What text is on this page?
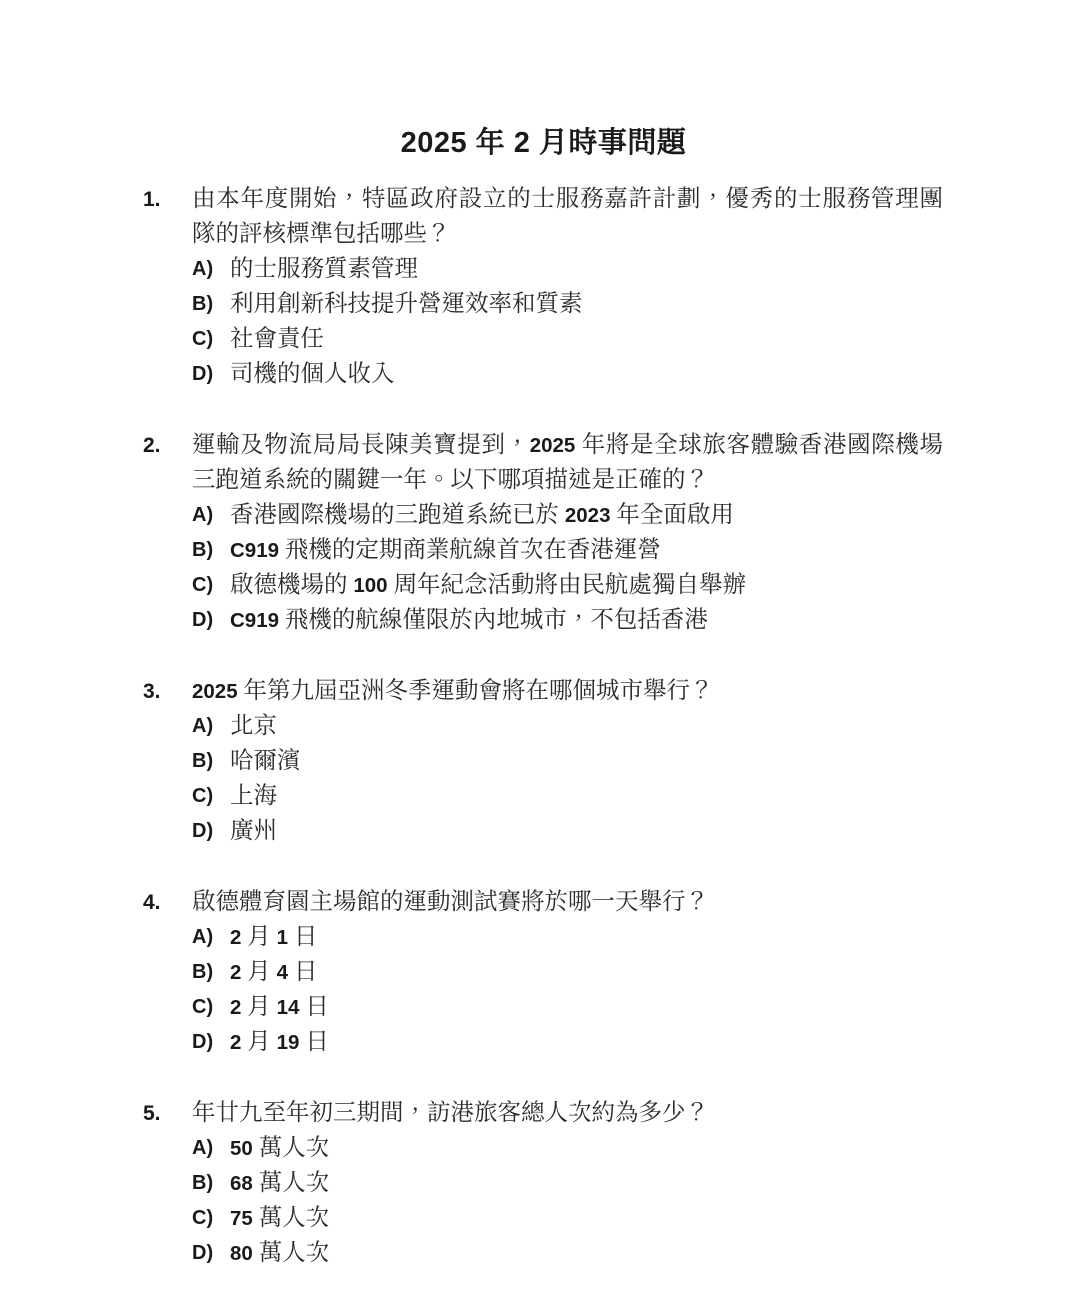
2025 年 2 月時事問題
1.	由本年度開始，特區政府設立的士服務嘉許計劃，優秀的士服務管理團隊的評核標準包括哪些？
A) 的士服務質素管理
B) 利用創新科技提升營運效率和質素
C) 社會責任
D) 司機的個人收入
2.	運輸及物流局局長陳美寶提到，2025 年將是全球旅客體驗香港國際機場三跑道系統的關鍵一年。以下哪項描述是正確的？
A) 香港國際機場的三跑道系統已於 2023 年全面啟用
B) C919 飛機的定期商業航線首次在香港運營
C) 啟德機場的 100 周年紀念活動將由民航處獨自舉辦
D) C919 飛機的航線僅限於內地城市，不包括香港
3.	2025 年第九屆亞洲冬季運動會將在哪個城市舉行？
A) 北京
B) 哈爾濱
C) 上海
D) 廣州
4.	啟德體育園主場館的運動測試賽將於哪一天舉行？
A) 2 月 1 日
B) 2 月 4 日
C) 2 月 14 日
D) 2 月 19 日
5.	年廿九至年初三期間，訪港旅客總人次約為多少？
A) 50 萬人次
B) 68 萬人次
C) 75 萬人次
D) 80 萬人次
